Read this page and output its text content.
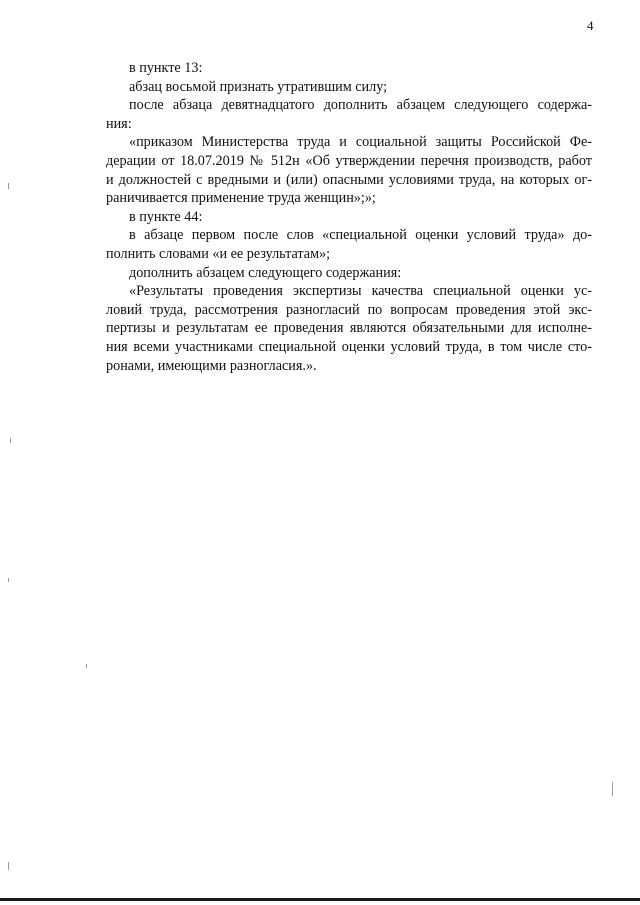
4
в пункте 13:
абзац восьмой признать утратившим силу;
после абзаца девятнадцатого дополнить абзацем следующего содержа-
ния:
«приказом Министерства труда и социальной защиты Российской Фе-
дерации от 18.07.2019 № 512н «Об утверждении перечня производств, работ
и должностей с вредными и (или) опасными условиями труда, на которых ог-
раничивается применение труда женщин»;»;
в пункте 44:
в абзаце первом после слов «специальной оценки условий труда» до-
полнить словами «и ее результатам»;
дополнить абзацем следующего содержания:
«Результаты проведения экспертизы качества специальной оценки ус-
ловий труда, рассмотрения разногласий по вопросам проведения этой экс-
пертизы и результатам ее проведения являются обязательными для исполне-
ния всеми участниками специальной оценки условий труда, в том числе сто-
ронами, имеющими разногласия.».
